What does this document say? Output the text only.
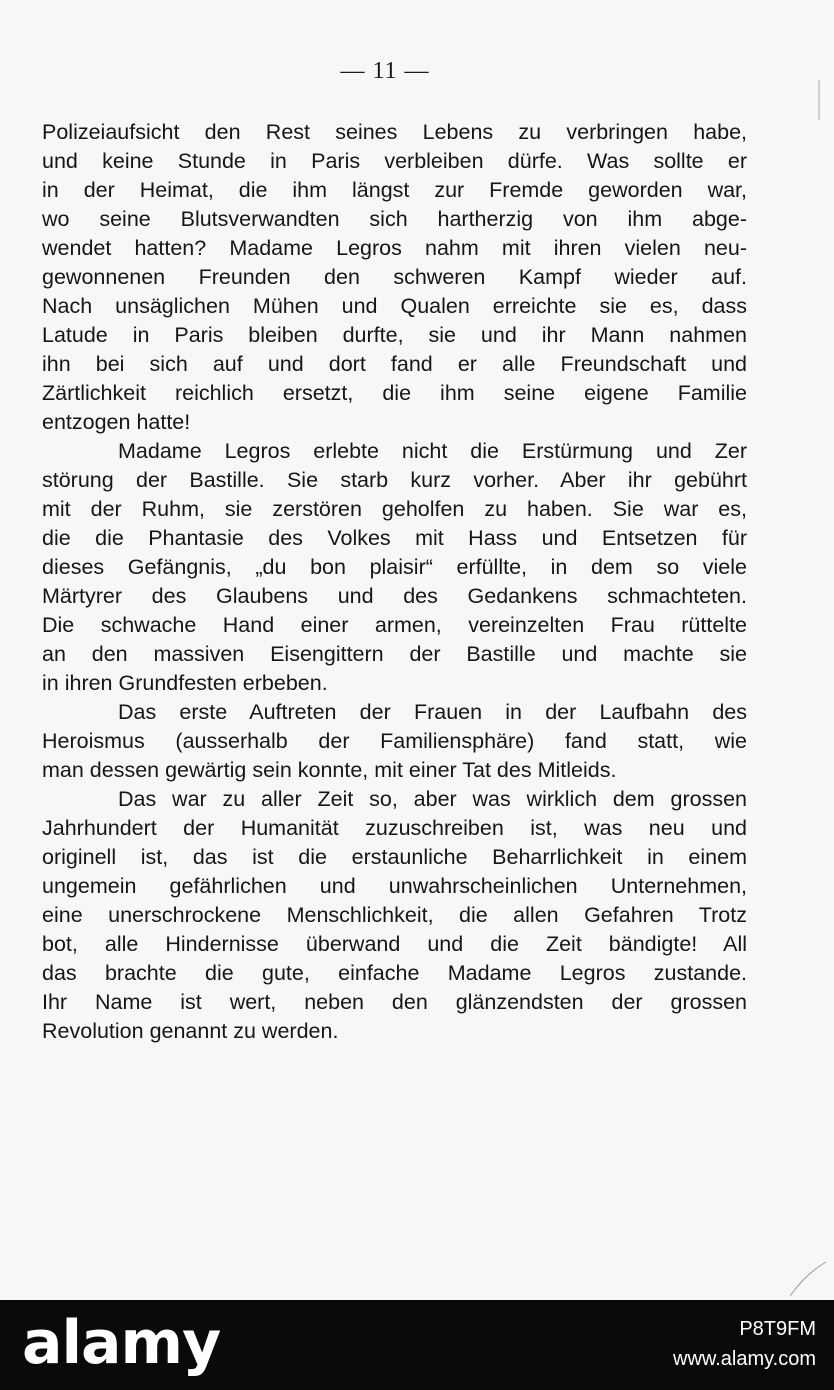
— 11 —
Polizeiaufsicht den Rest seines Lebens zu verbringen habe,
und keine Stunde in Paris verbleiben dürfe. Was sollte er
in der Heimat, die ihm längst zur Fremde geworden war,
wo seine Blutsverwandten sich hartherzig von ihm abge-
wendet hatten? Madame Legros nahm mit ihren vielen neu-
gewonnenen Freunden den schweren Kampf wieder auf.
Nach unsäglichen Mühen und Qualen erreichte sie es, dass
Latude in Paris bleiben durfte, sie und ihr Mann nahmen
ihn bei sich auf und dort fand er alle Freundschaft und
Zärtlichkeit reichlich ersetzt, die ihm seine eigene Familie
entzogen hatte!
Madame Legros erlebte nicht die Erstürmung und Zer
störung der Bastille. Sie starb kurz vorher. Aber ihr gebührt
mit der Ruhm, sie zerstören geholfen zu haben. Sie war es,
die die Phantasie des Volkes mit Hass und Entsetzen für
dieses Gefängnis, „du bon plaisir“ erfüllte, in dem so viele
Märtyrer des Glaubens und des Gedankens schmachteten.
Die schwache Hand einer armen, vereinzelten Frau rüttelte
an den massiven Eisengittern der Bastille und machte sie
in ihren Grundfesten erbeben.
Das erste Auftreten der Frauen in der Laufbahn des
Heroismus (ausserhalb der Familiensphäre) fand statt, wie
man dessen gewärtig sein konnte, mit einer Tat des Mitleids.
Das war zu aller Zeit so, aber was wirklich dem grossen
Jahrhundert der Humanität zuzuschreiben ist, was neu und
originell ist, das ist die erstaunliche Beharrlichkeit in einem
ungemein gefährlichen und unwahrscheinlichen Unternehmen,
eine unerschrockene Menschlichkeit, die allen Gefahren Trotz
bot, alle Hindernisse überwand und die Zeit bändigte! All
das brachte die gute, einfache Madame Legros zustande.
Ihr Name ist wert, neben den glänzendsten der grossen
Revolution genannt zu werden.
alamy	P8T9FM
www.alamy.com
